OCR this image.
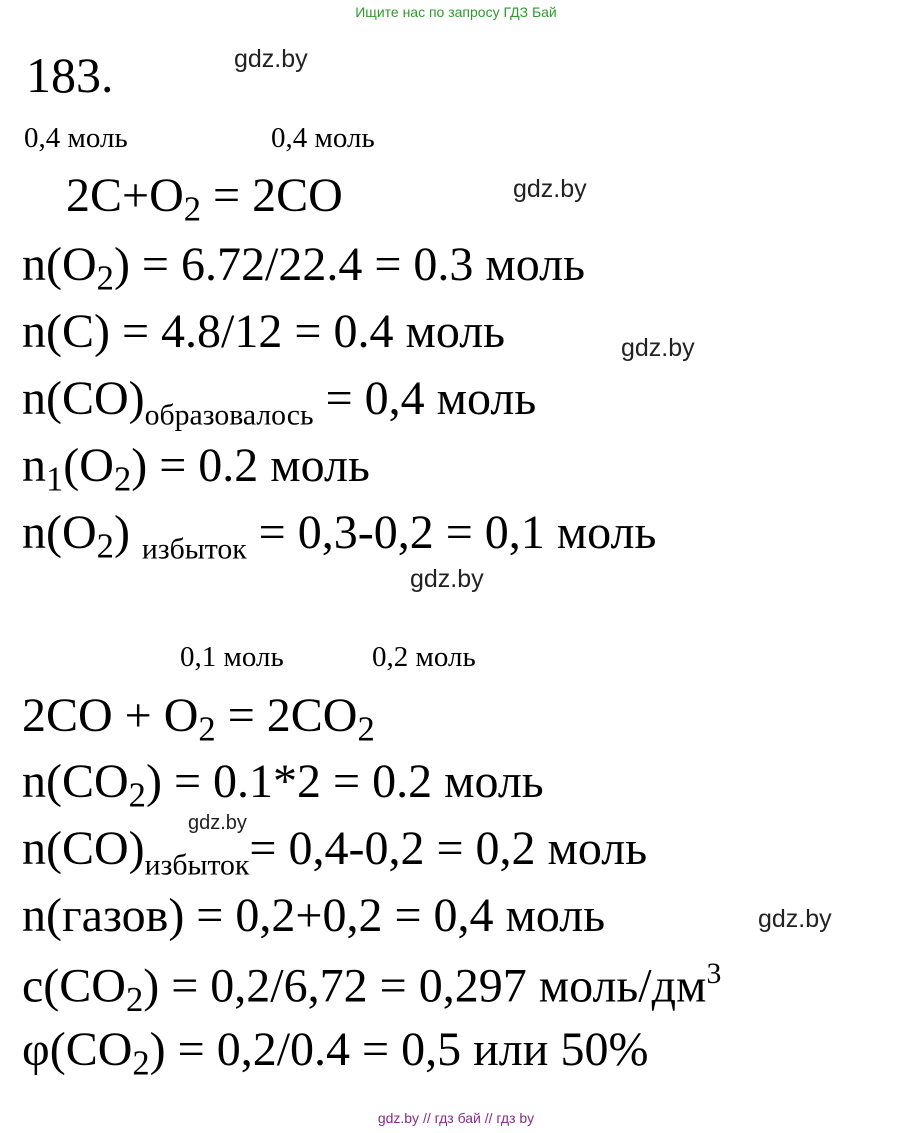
Ищите нас по запросу ГДЗ Бай
183.	gdz.by
gdz.by
gdz.by
gdz.by
gdz.by
gdz.by
0,4 моль	0,4 моль
$2C+O_2 = 2CO$
$n(O_2) = 6.72/22.4 = 0.3$ моль
n(C) = 4.8/12 = 0.4 моль
$n(CO)_{образовалось} = 0,4$ моль
$n_1(O_2) = 0.2$ моль
$n(O_2) _{избыток} = 0,3-0,2 = 0,1$ моль
0,1 моль	0,2 моль
$2CO + O_2 = 2CO_2$
$n(CO_2) = 0.1*2 = 0.2$ моль
$n(CO)_{избыток}= 0,4-0,2 = 0,2$ моль
n(газов) = 0,2+0,2 = 0,4 моль
$c(CO_2) = 0,2/6,72 = 0,297$ моль/$дм^3$
$\varphi(CO_2) = 0,2/0.4 = 0,5$ или 50%
gdz.by // гдз бай // гдз by
